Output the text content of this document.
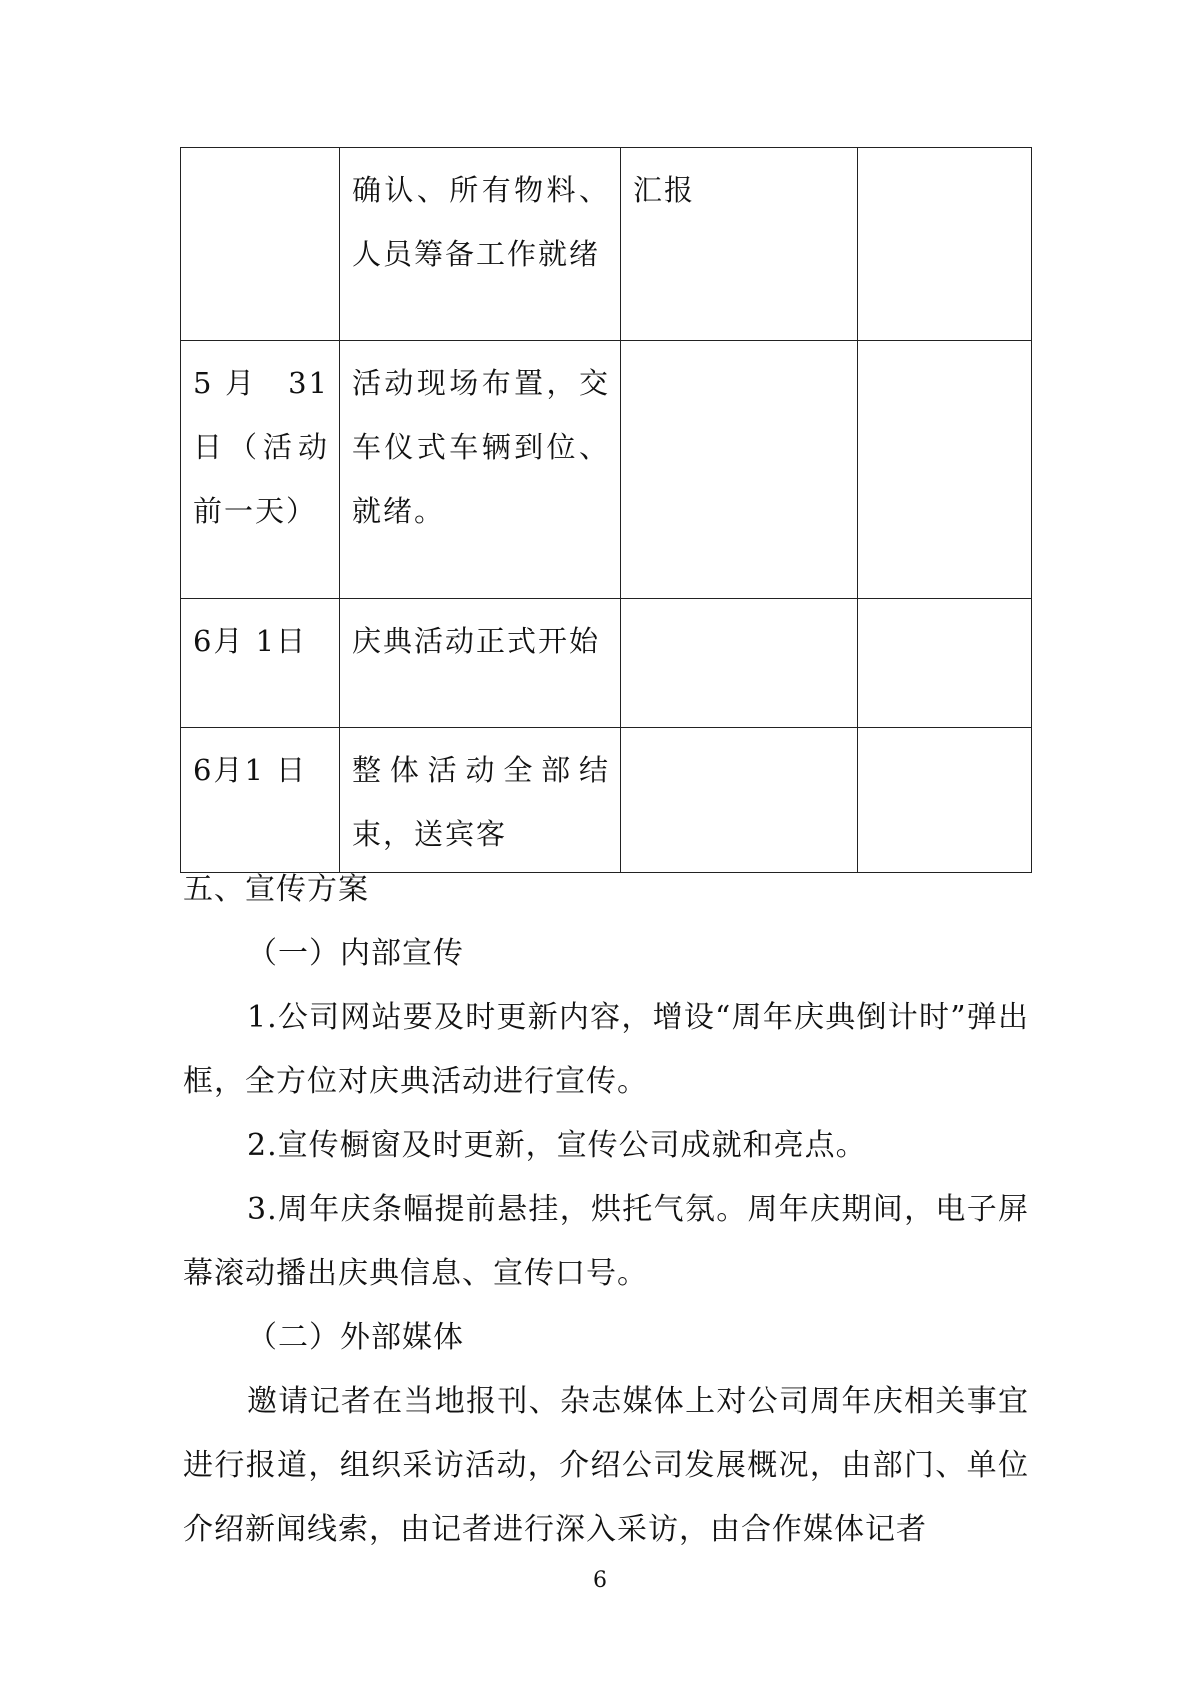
	确认、所有物料、人员筹备工作就绪	汇报	
5 月　31日（活动前一天）	活动现场布置，交车仪式车辆到位、就绪。		
6月 1日	庆典活动正式开始		
6月1 日	整体活动全部结束，送宾客		

五、宣传方案

（一）内部宣传

1.公司网站要及时更新内容，增设“周年庆典倒计时”弹出框，全方位对庆典活动进行宣传。

2.宣传橱窗及时更新，宣传公司成就和亮点。

3.周年庆条幅提前悬挂，烘托气氛。周年庆期间，电子屏幕滚动播出庆典信息、宣传口号。

（二）外部媒体

邀请记者在当地报刊、杂志媒体上对公司周年庆相关事宜进行报道，组织采访活动，介绍公司发展概况，由部门、单位介绍新闻线索，由记者进行深入采访，由合作媒体记者

6
